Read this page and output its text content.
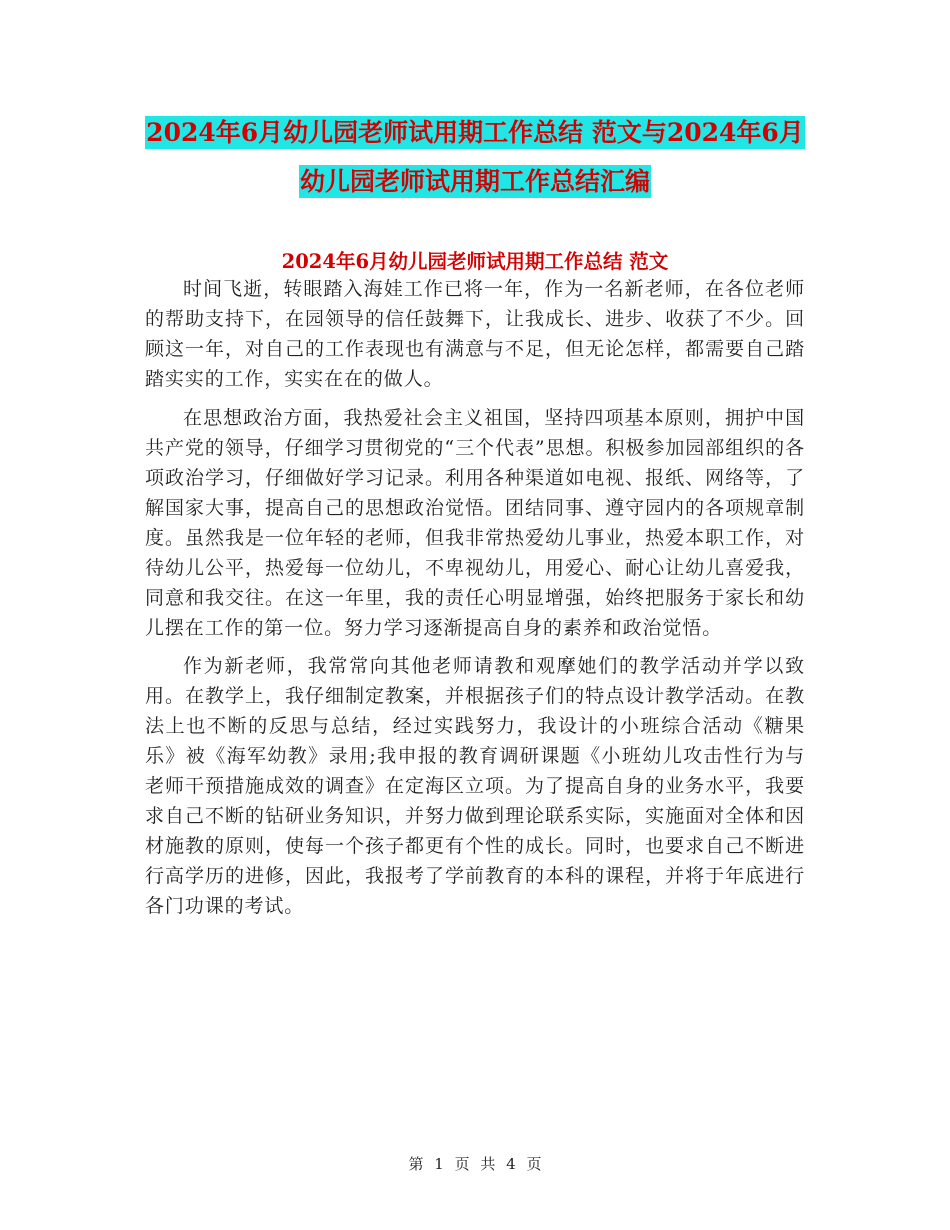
2024年6月幼儿园老师试用期工作总结 范文与2024年6月幼儿园老师试用期工作总结汇编
2024年6月幼儿园老师试用期工作总结 范文

时间飞逝，转眼踏入海娃工作已将一年，作为一名新老师，在各位老师的帮助支持下，在园领导的信任鼓舞下，让我成长、进步、收获了不少。回顾这一年，对自己的工作表现也有满意与不足，但无论怎样，都需要自己踏踏实实的工作，实实在在的做人。

在思想政治方面，我热爱社会主义祖国，坚持四项基本原则，拥护中国共产党的领导，仔细学习贯彻党的“三个代表”思想。积极参加园部组织的各项政治学习，仔细做好学习记录。利用各种渠道如电视、报纸、网络等，了解国家大事，提高自己的思想政治觉悟。团结同事、遵守园内的各项规章制度。虽然我是一位年轻的老师，但我非常热爱幼儿事业，热爱本职工作，对待幼儿公平，热爱每一位幼儿，不卑视幼儿，用爱心、耐心让幼儿喜爱我，同意和我交往。在这一年里，我的责任心明显增强，始终把服务于家长和幼儿摆在工作的第一位。努力学习逐渐提高自身的素养和政治觉悟。

作为新老师，我常常向其他老师请教和观摩她们的教学活动并学以致用。在教学上，我仔细制定教案，并根据孩子们的特点设计教学活动。在教法上也不断的反思与总结，经过实践努力，我设计的小班综合活动《糖果乐》被《海军幼教》录用;我申报的教育调研课题《小班幼儿攻击性行为与老师干预措施成效的调查》在定海区立项。为了提高自身的业务水平，我要求自己不断的钻研业务知识，并努力做到理论联系实际，实施面对全体和因材施教的原则，使每一个孩子都更有个性的成长。同时，也要求自己不断进行高学历的进修，因此，我报考了学前教育的本科的课程，并将于年底进行各门功课的考试。

第 1 页 共 4 页
